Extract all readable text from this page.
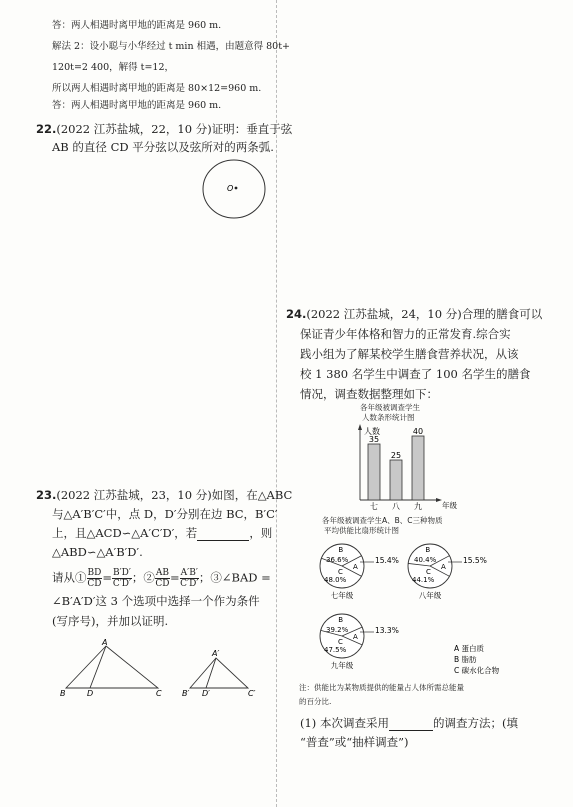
答：两人相遇时离甲地的距离是 960 m.
解法 2：设小聪与小华经过 t min 相遇，由题意得 80t+
120t=2 400，解得 t=12，
所以两人相遇时离甲地的距离是 80×12=960 m.
答：两人相遇时离甲地的距离是 960 m.
22.(2022 江苏盐城，22，10 分)证明：垂直于弦
AB 的直径 CD 平分弦以及弦所对的两条弧.
O
23.(2022 江苏盐城，23，10 分)如图，在△ABC
与△A′B′C′中，点 D，D′分别在边 BC，B′C′
上，且△ACD∽△A′C′D′，若	，则
△ABD∽△A′B′D′.
请从① $\frac{BD}{CD} = \frac{B'D'}{C'D'}$ ；② $\frac{AB}{CD} = \frac{A'B'}{C'D'}$ ；③∠BAD =
∠B′A′D′这 3 个选项中选择一个作为条件
(写序号)，并加以证明.
A
B	D	C
A′
B′ D′	C′
24.(2022 江苏盐城，24，10 分)合理的膳食可以
保证青少年体格和智力的正常发育.综合实
践小组为了解某校学生膳食营养状况，从该
校 1 380 名学生中调查了 100 名学生的膳食
情况，调查数据整理如下：
各年级被调查学生
人数条形统计图
人数
年级
35
七
25
八
40
九
各年级被调查学生A、B、C三种物质
平均供能比扇形统计图
B
36.6%
C
48.0%
A
15.4%
七年级
B
40.4%
C
44.1%
A
15.5%
八年级
B
39.2%
C
47.5%
A
13.3%
九年级
A 蛋白质
B 脂肪
C 碳水化合物
注：供能比为某物质提供的能量占人体所需总能量
的百分比.
(1) 本次调查采用	的调查方法；(填
“普查”或“抽样调查”)
